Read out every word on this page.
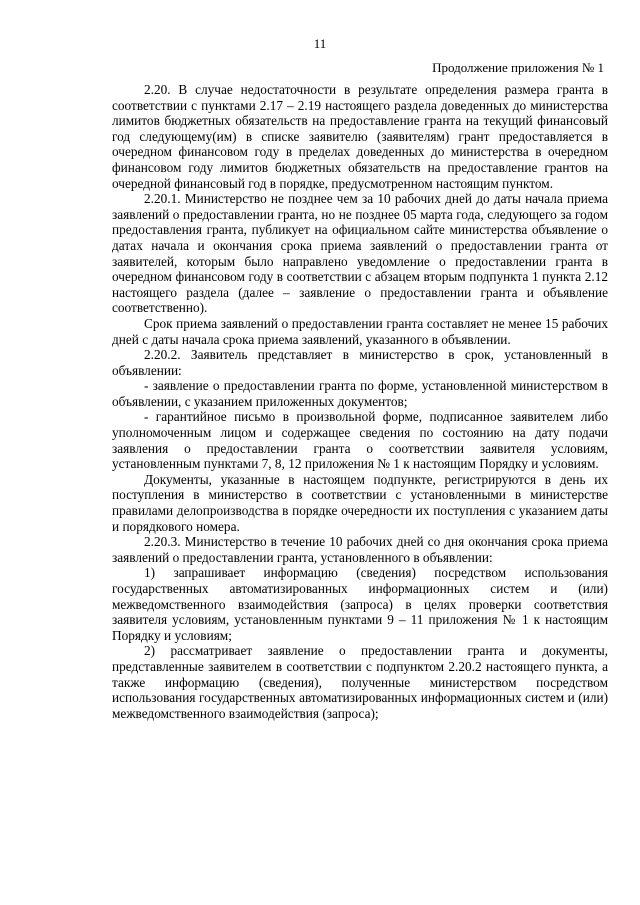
11
Продолжение приложения № 1

2.20. В случае недостаточности в результате определения размера гранта в соответствии с пунктами 2.17 – 2.19 настоящего раздела доведенных до министерства лимитов бюджетных обязательств на предоставление гранта на текущий финансовый год следующему(им) в списке заявителю (заявителям) грант предоставляется в очередном финансовом году в пределах доведенных до министерства в очередном финансовом году лимитов бюджетных обязательств на предоставление грантов на очередной финансовый год в порядке, предусмотренном настоящим пунктом.

2.20.1. Министерство не позднее чем за 10 рабочих дней до даты начала приема заявлений о предоставлении гранта, но не позднее 05 марта года, следующего за годом предоставления гранта, публикует на официальном сайте министерства объявление о датах начала и окончания срока приема заявлений о предоставлении гранта от заявителей, которым было направлено уведомление о предоставлении гранта в очередном финансовом году в соответствии с абзацем вторым подпункта 1 пункта 2.12 настоящего раздела (далее – заявление о предоставлении гранта и объявление соответственно).

Срок приема заявлений о предоставлении гранта составляет не менее 15 рабочих дней с даты начала срока приема заявлений, указанного в объявлении.

2.20.2. Заявитель представляет в министерство в срок, установленный в объявлении:

- заявление о предоставлении гранта по форме, установленной министерством в объявлении, с указанием приложенных документов;

- гарантийное письмо в произвольной форме, подписанное заявителем либо уполномоченным лицом и содержащее сведения по состоянию на дату подачи заявления о предоставлении гранта о соответствии заявителя условиям, установленным пунктами 7, 8, 12 приложения № 1 к настоящим Порядку и условиям.

Документы, указанные в настоящем подпункте, регистрируются в день их поступления в министерство в соответствии с установленными в министерстве правилами делопроизводства в порядке очередности их поступления с указанием даты и порядкового номера.

2.20.3. Министерство в течение 10 рабочих дней со дня окончания срока приема заявлений о предоставлении гранта, установленного в объявлении:

1) запрашивает информацию (сведения) посредством использования государственных автоматизированных информационных систем и (или) межведомственного взаимодействия (запроса) в целях проверки соответствия заявителя условиям, установленным пунктами 9 – 11 приложения № 1 к настоящим Порядку и условиям;

2) рассматривает заявление о предоставлении гранта и документы, представленные заявителем в соответствии с подпунктом 2.20.2 настоящего пункта, а также информацию (сведения), полученные министерством посредством использования государственных автоматизированных информационных систем и (или) межведомственного взаимодействия (запроса);
